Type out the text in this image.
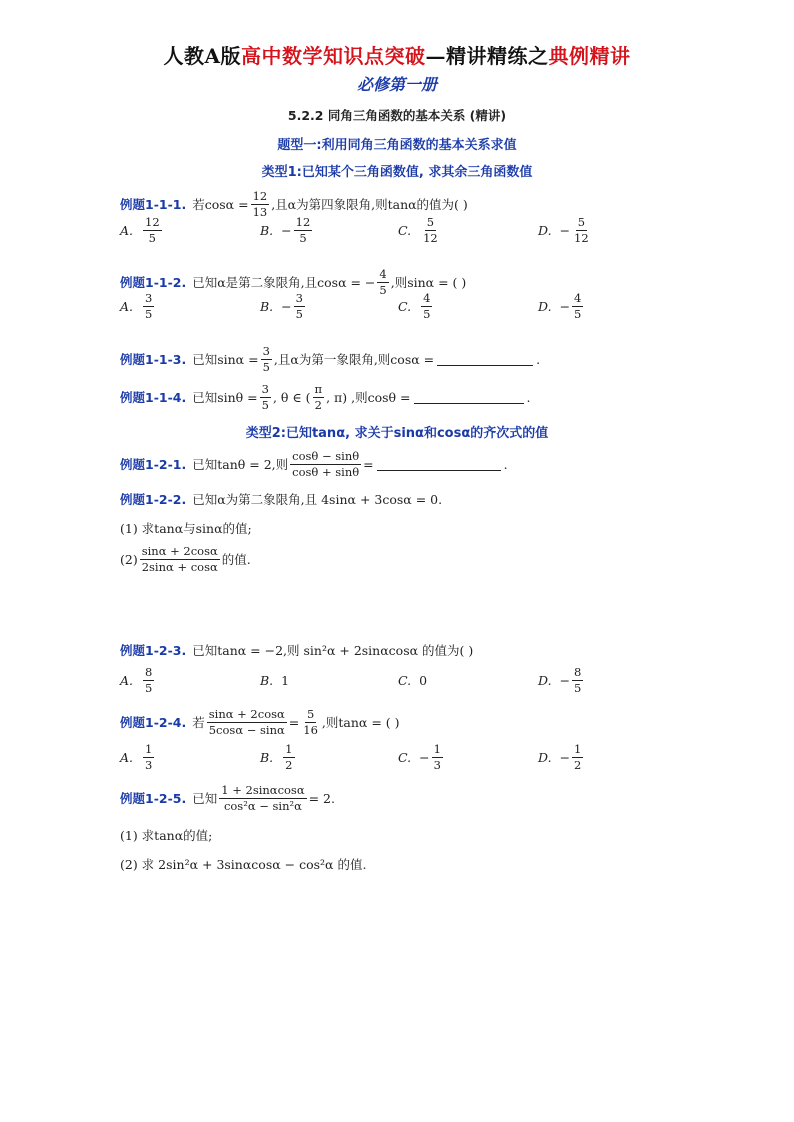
人教A版高中数学知识点突破—精讲精练之典例精讲
必修第一册
5.2.2 同角三角函数的基本关系 (精讲)
题型一:利用同角三角函数的基本关系求值
类型1:已知某个三角函数值, 求其余三角函数值
例题1-1-1. 若$\cos\alpha = \frac{12}{13}$ ,且α为第四象限角,则tanα的值为( )
A. $\frac{12}{5}$	B. − $\frac{12}{5}$	C. $\frac{5}{12}$	D. − $\frac{5}{12}$
例题1-1-2. 已知α是第二象限角,且cosα = − $\frac{4}{5}$ ,则sinα = ( )
A. $\frac{3}{5}$	B. − $\frac{3}{5}$	C. $\frac{4}{5}$	D. − $\frac{4}{5}$
例题1-1-3. 已知$\sin\alpha = \frac{3}{5}$ ,且α为第一象限角,则cosα =	.
例题1-1-4. 已知$\sin\theta = \frac{3}{5}$ , θ ∈ ( $\frac{\pi}{2}$ , π) ,则cosθ =	.
类型2:已知tanα, 求关于sinα和cosα的齐次式的值
例题1-2-1. 已知tanθ = 2,则 $\frac{\cos\theta - \sin\theta}{\cos\theta + \sin\theta}$ =	.
例题1-2-2. 已知α为第二象限角,且 4sinα + 3cosα = 0.
(1) 求tanα与sinα的值;
$(2) \frac{\sin\alpha + 2\cos\alpha}{2\sin\alpha + \cos\alpha}$ 的值.
例题1-2-3. 已知tanα = −2,则 sin²α + 2sinαcosα 的值为( )
A. $\frac{8}{5}$	B. 1	C. 0	D. − $\frac{8}{5}$
例题1-2-4. 若 $\frac{\sin\alpha + 2\cos\alpha}{5\cos\alpha - \sin\alpha} = \frac{5}{16}$ ,则tanα = ( )
A. $\frac{1}{3}$	B. $\frac{1}{2}$	C. − $\frac{1}{3}$	D. − $\frac{1}{2}$
例题1-2-5. 已知 $\frac{1 + 2\sin\alpha\cos\alpha}{\text{cos²α − sin²α}} = 2$.
(1) 求tanα的值;
(2) 求 2sin²α + 3sinαcosα − cos²α 的值.
